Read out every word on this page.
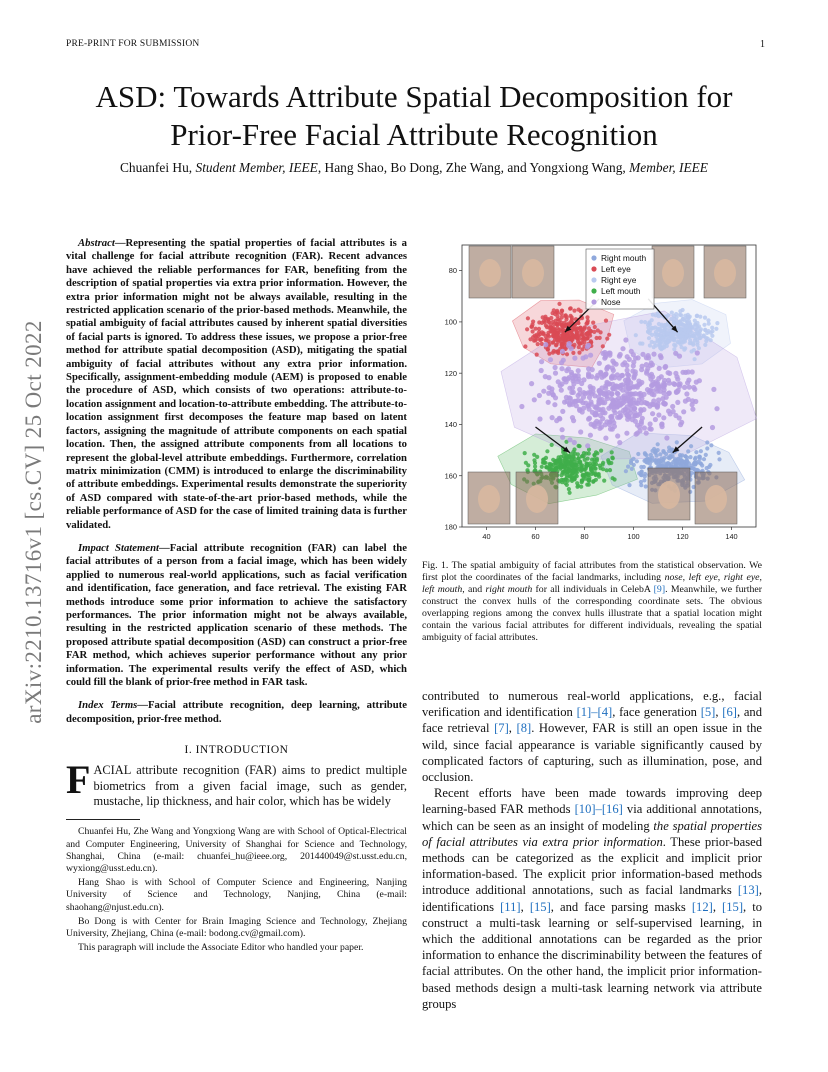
PRE-PRINT FOR SUBMISSION	1
arXiv:2210.13716v1 [cs.CV] 25 Oct 2022
ASD: Towards Attribute Spatial Decomposition for Prior-Free Facial Attribute Recognition
Chuanfei Hu, Student Member, IEEE, Hang Shao, Bo Dong, Zhe Wang, and Yongxiong Wang, Member, IEEE

Abstract—Representing the spatial properties of facial attributes is a vital challenge for facial attribute recognition (FAR). Recent advances have achieved the reliable performances for FAR, benefiting from the description of spatial properties via extra prior information. However, the extra prior information might not be always available, resulting in the restricted application scenario of the prior-based methods. Meanwhile, the spatial ambiguity of facial attributes caused by inherent spatial diversities of facial parts is ignored. To address these issues, we propose a prior-free method for attribute spatial decomposition (ASD), mitigating the spatial ambiguity of facial attributes without any extra prior information. Specifically, assignment-embedding module (AEM) is proposed to enable the procedure of ASD, which consists of two operations: attribute-to-location assignment and location-to-attribute embedding. The attribute-to-location assignment first decomposes the feature map based on latent factors, assigning the magnitude of attribute components on each spatial location. Then, the assigned attribute components from all locations to represent the global-level attribute embeddings. Furthermore, correlation matrix minimization (CMM) is introduced to enlarge the discriminability of attribute embeddings. Experimental results demonstrate the superiority of ASD compared with state-of-the-art prior-based methods, while the reliable performance of ASD for the case of limited training data is further validated.

Impact Statement—Facial attribute recognition (FAR) can label the facial attributes of a person from a facial image, which has been widely applied to numerous real-world applications, such as facial verification and identification, face generation, and face retrieval. The existing FAR methods introduce some prior information to achieve the satisfactory performances. The prior information might not be always available, resulting in the restricted application scenario of these methods. The proposed attribute spatial decomposition (ASD) can construct a prior-free FAR method, which achieves superior performance without any prior information. The experimental results verify the effect of ASD, which could fill the blank of prior-free method in FAR task.

Index Terms—Facial attribute recognition, deep learning, attribute decomposition, prior-free method.

I. INTRODUCTION

FACIAL attribute recognition (FAR) aims to predict multiple biometrics from a given facial image, such as gender, mustache, lip thickness, and hair color, which has be widely

Chuanfei Hu, Zhe Wang and Yongxiong Wang are with School of Optical-Electrical and Computer Engineering, University of Shanghai for Science and Technology, Shanghai, China (e-mail: chuanfei_hu@ieee.org, 201440049@st.usst.edu.cn, wyxiong@usst.edu.cn).

Hang Shao is with School of Computer Science and Engineering, Nanjing University of Science and Technology, Nanjing, China (e-mail: shaohang@njust.edu.cn).

Bo Dong is with Center for Brain Imaging Science and Technology, Zhejiang University, Zhejiang, China (e-mail: bodong.cv@gmail.com).

This paragraph will include the Associate Editor who handled your paper.

Right mouth
Left eye
Right eye
Left mouth
Nose
40	60	80	100	120	140
80
100
120
140
160
180

Fig. 1. The spatial ambiguity of facial attributes from the statistical observation. We first plot the coordinates of the facial landmarks, including nose, left eye, right eye, left mouth, and right mouth for all individuals in CelebA [9]. Meanwhile, we further construct the convex hulls of the corresponding coordinate sets. The obvious overlapping regions among the convex hulls illustrate that a spatial location might contain the various facial attributes for different individuals, revealing the spatial ambiguity of facial attributes.

contributed to numerous real-world applications, e.g., facial verification and identification [1]–[4], face generation [5], [6], and face retrieval [7], [8]. However, FAR is still an open issue in the wild, since facial appearance is variable significantly caused by complicated factors of capturing, such as illumination, pose, and occlusion.

Recent efforts have been made towards improving deep learning-based FAR methods [10]–[16] via additional annotations, which can be seen as an insight of modeling the spatial properties of facial attributes via extra prior information. These prior-based methods can be categorized as the explicit and implicit prior information-based. The explicit prior information-based methods introduce additional annotations, such as facial landmarks [13], identifications [11], [15], and face parsing masks [12], [15], to construct a multi-task learning or self-supervised learning, in which the additional annotations can be regarded as the prior information to enhance the discriminability between the features of facial attributes. On the other hand, the implicit prior information-based methods design a multi-task learning network via attribute groups
